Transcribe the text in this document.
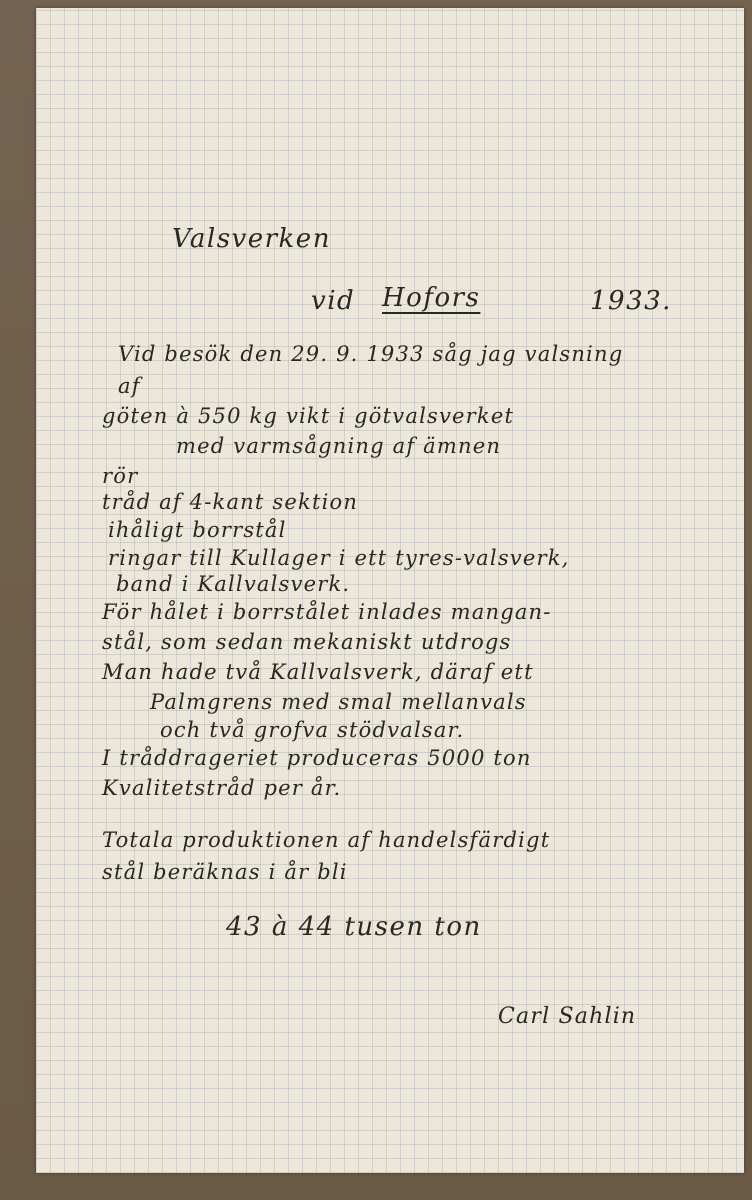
Valsverken
vid Hofors	1933.
Vid besök den 29. 9. 1933 såg jag valsning
af
göten à 550 kg vikt i götvalsverket
med varmsågning af ämnen
rör
tråd af 4-kant sektion
ihåligt borrstål
ringar till Kullager i ett tyres-valsverk,
band i Kallvalsverk.
För hålet i borrstålet inlades mangan-
stål, som sedan mekaniskt utdrogs
Man hade två Kallvalsverk, däraf ett
Palmgrens med smal mellanvals
och två grofva stödvalsar.
I tråddrageriet produceras 5000 ton
Kvalitetstråd per år.
Totala produktionen af handelsfärdigt
stål beräknas i år bli
43 à 44 tusen ton
Carl Sahlin
